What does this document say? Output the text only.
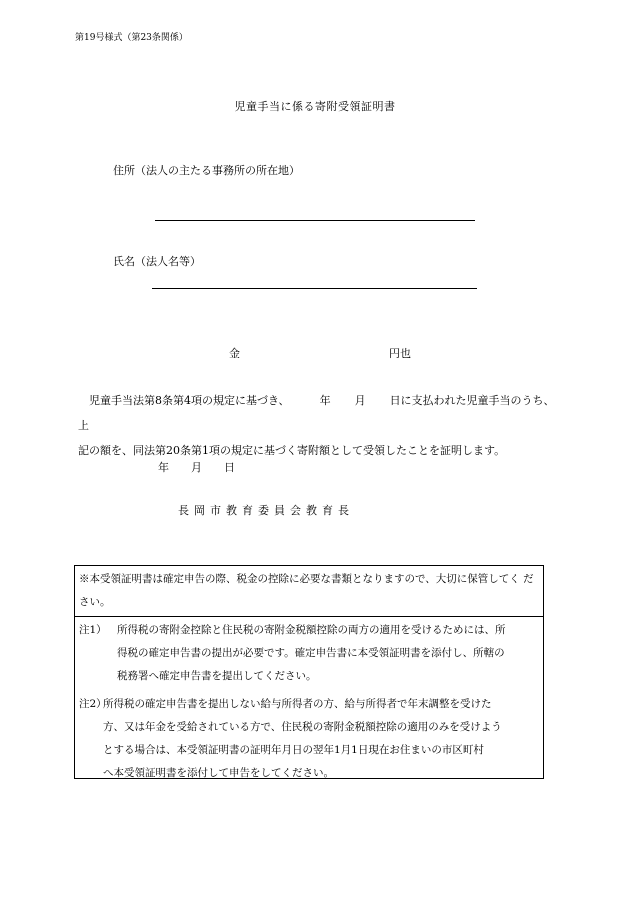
第19号様式（第23条関係）
児童手当に係る寄附受領証明書
住所（法人の主たる事務所の所在地）
氏名（法人名等）
金	円也
児童手当法第8条第4項の規定に基づき、	年 月 日に支払われた児童手当のうち、上
記の額を、同法第20条第1項の規定に基づく寄附額として受領したことを証明します。
年 月 日
長岡市教育委員会教育長
※本受領証明書は確定申告の際、税金の控除に必要な書類となりますので、大切に保管してく ださい。
注1） 所得税の寄附金控除と住民税の寄附金税額控除の両方の適用を受けるためには、所
得税の確定申告書の提出が必要です。確定申告書に本受領証明書を添付し、所轄の
税務署へ確定申告書を提出してください。
注2）
所得税の確定申告書を提出しない給与所得者の方、給与所得者で年末調整を受けた
方、又は年金を受給されている方で、住民税の寄附金税額控除の適用のみを受けよう
とする場合は、本受領証明書の証明年月日の翌年1月1日現在お住まいの市区町村
へ本受領証明書を添付して申告をしてください。
